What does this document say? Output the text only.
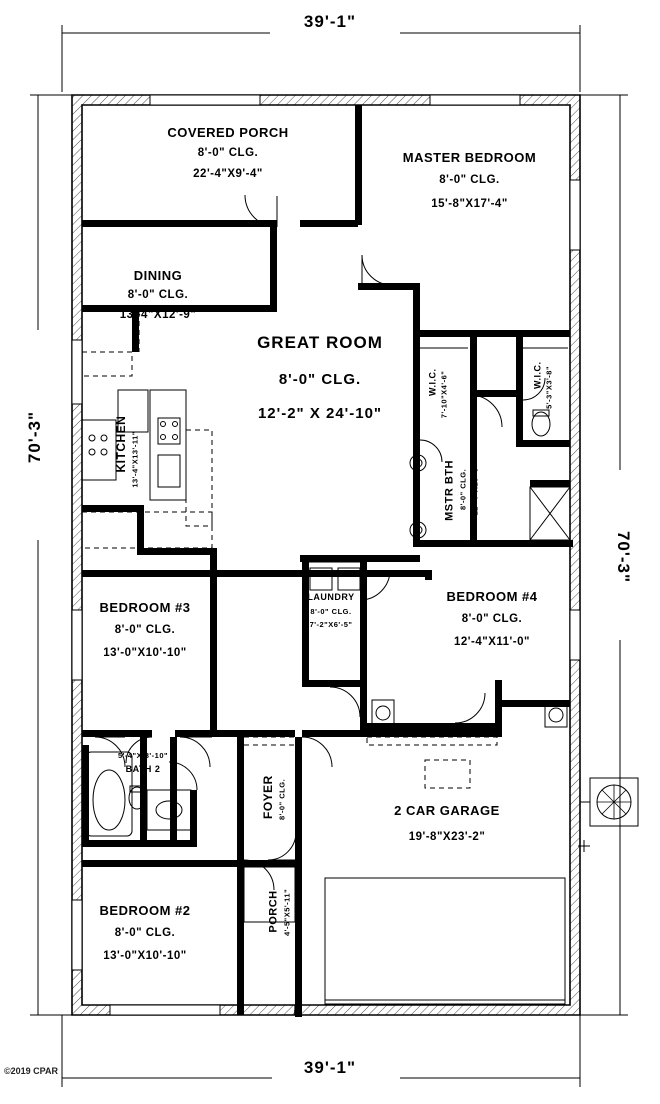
39'-1"
39'-1"
70'-3"
70'-3"
COVERED PORCH
8'-0" CLG.
22'-4"X9'-4"
MASTER BEDROOM
8'-0" CLG.
15'-8"X17'-4"
DINING
8'-0" CLG.
13'-4"X12'-9"
GREAT ROOM
8'-0" CLG.
12'-2" X 24'-10"
KITCHEN 13'-4"X13'-11"
W.I.C. 7'-10"X4'-6"	W.I.C. 5'-3"X3'-8"
MSTR BTH 8'-0" CLG. 12'-4"X10'-9"
BEDROOM #3
8'-0" CLG.
13'-0"X10'-10"
LAUNDRY
8'-0" CLG.
7'-2"X6'-5"
BEDROOM #4
8'-0" CLG.
12'-4"X11'-0"
5'-4"X 8'-10"
BATH 2
FOYER 8'-0" CLG.	2 CAR GARAGE
19'-8"X23'-2"
PORCH 4'-5"X5'-11"
BEDROOM #2
8'-0" CLG.
13'-0"X10'-10"
©2019 CPAR
